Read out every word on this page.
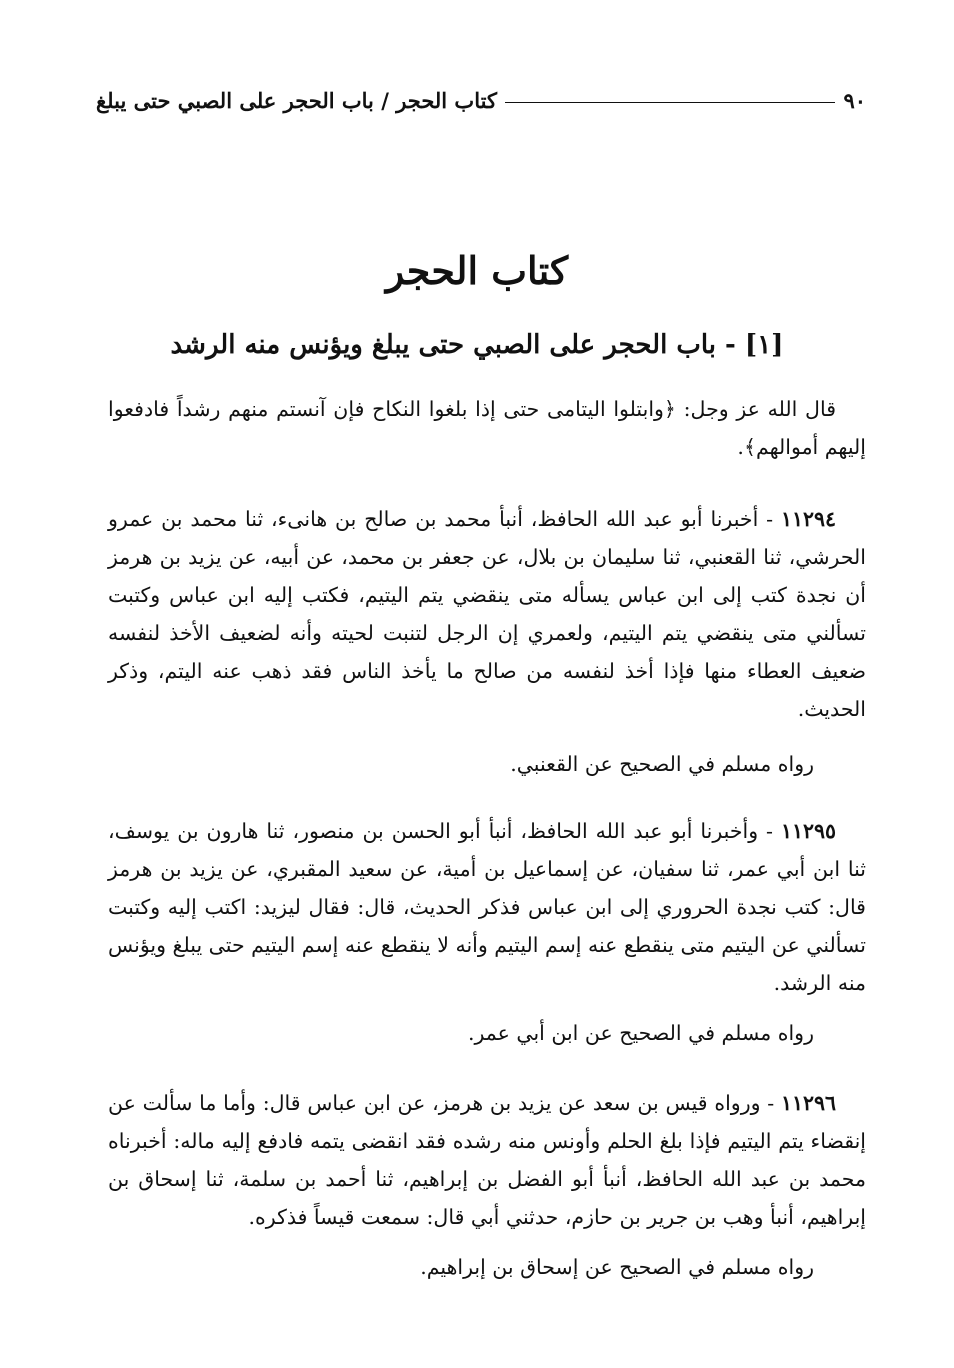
٩٠
كتاب الحجر / باب الحجر على الصبي حتى يبلغ
كتاب الحجر
[١] - باب الحجر على الصبي حتى يبلغ ويؤنس منه الرشد

قال الله عز وجل: ﴿وابتلوا اليتامى حتى إذا بلغوا النكاح فإن آنستم منهم رشداً فادفعوا إليهم أموالهم﴾.

١١٢٩٤ - أخبرنا أبو عبد الله الحافظ، أنبأ محمد بن صالح بن هانىء، ثنا محمد بن عمرو الحرشي، ثنا القعنبي، ثنا سليمان بن بلال، عن جعفر بن محمد، عن أبيه، عن يزيد بن هرمز أن نجدة كتب إلى ابن عباس يسأله متى ينقضي يتم اليتيم، فكتب إليه ابن عباس وكتبت تسألني متى ينقضي يتم اليتيم، ولعمري إن الرجل لتنبت لحيته وأنه لضعيف الأخذ لنفسه ضعيف العطاء منها فإذا أخذ لنفسه من صالح ما يأخذ الناس فقد ذهب عنه اليتم، وذكر الحديث.

رواه مسلم في الصحيح عن القعنبي.

١١٢٩٥ - وأخبرنا أبو عبد الله الحافظ، أنبأ أبو الحسن بن منصور، ثنا هارون بن يوسف، ثنا ابن أبي عمر، ثنا سفيان، عن إسماعيل بن أمية، عن سعيد المقبري، عن يزيد بن هرمز قال: كتب نجدة الحروري إلى ابن عباس فذكر الحديث، قال: فقال ليزيد: اكتب إليه وكتبت تسألني عن اليتيم متى ينقطع عنه إسم اليتيم وأنه لا ينقطع عنه إسم اليتيم حتى يبلغ ويؤنس منه الرشد.

رواه مسلم في الصحيح عن ابن أبي عمر.

١١٢٩٦ - ورواه قيس بن سعد عن يزيد بن هرمز، عن ابن عباس قال: وأما ما سألت عن إنقضاء يتم اليتيم فإذا بلغ الحلم وأونس منه رشده فقد انقضى يتمه فادفع إليه ماله: أخبرناه محمد بن عبد الله الحافظ، أنبأ أبو الفضل بن إبراهيم، ثنا أحمد بن سلمة، ثنا إسحاق بن إبراهيم، أنبأ وهب بن جرير بن حازم، حدثني أبي قال: سمعت قيساً فذكره.

رواه مسلم في الصحيح عن إسحاق بن إبراهيم.
